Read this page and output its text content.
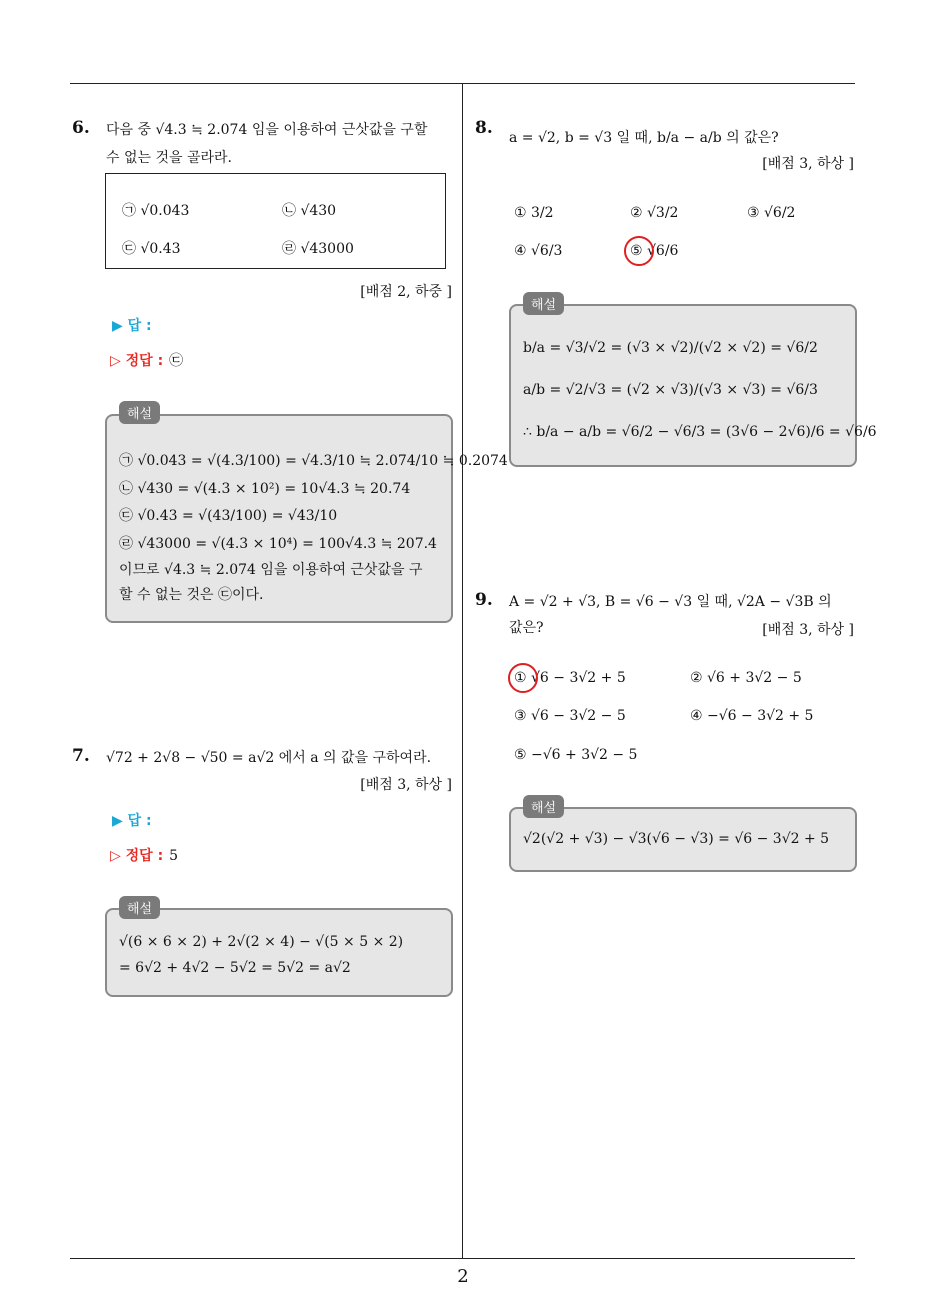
2
6. 다음 중 √4.3 ≒ 2.074 임을 이용하여 근삿값을 구할
수 없는 것을 골라라.
㉠ √0.043	㉡ √430
㉢ √0.43	㉣ √43000
[배점 2, 하중 ]
▶ 답 :
▷ 정답 : ㉢
㉠ √0.043 = √(4.3/100) = √4.3/10 ≒ 2.074/10 ≒ 0.2074
㉡ √430 = √(4.3 × 10²) = 10√4.3 ≒ 20.74
㉢ √0.43 = √(43/100) = √43/10
㉣ √43000 = √(4.3 × 10⁴) = 100√4.3 ≒ 207.4
이므로 √4.3 ≒ 2.074 임을 이용하여 근삿값을 구
할 수 없는 것은 ㉢이다.
해설
7. √72 + 2√8 − √50 = a√2 에서 a 의 값을 구하여라.
[배점 3, 하상 ]
▶ 답 :
▷ 정답 : 5
√(6 × 6 × 2) + 2√(2 × 4) − √(5 × 5 × 2)
= 6√2 + 4√2 − 5√2 = 5√2 = a√2
해설
8. a = √2, b = √3 일 때, b/a − a/b 의 값은?
[배점 3, 하상 ]
① 3/2	② √3/2	③ √6/2
④ √6/3	⑤ √6/6
b/a = √3/√2 = (√3 × √2)/(√2 × √2) = √6/2
a/b = √2/√3 = (√2 × √3)/(√3 × √3) = √6/3
∴ b/a − a/b = √6/2 − √6/3 = (3√6 − 2√6)/6 = √6/6
해설
9. A = √2 + √3, B = √6 − √3 일 때, √2A − √3B 의
값은?	[배점 3, 하상 ]
① √6 − 3√2 + 5	② √6 + 3√2 − 5
③ √6 − 3√2 − 5	④ −√6 − 3√2 + 5
⑤ −√6 + 3√2 − 5
√2(√2 + √3) − √3(√6 − √3) = √6 − 3√2 + 5
해설
